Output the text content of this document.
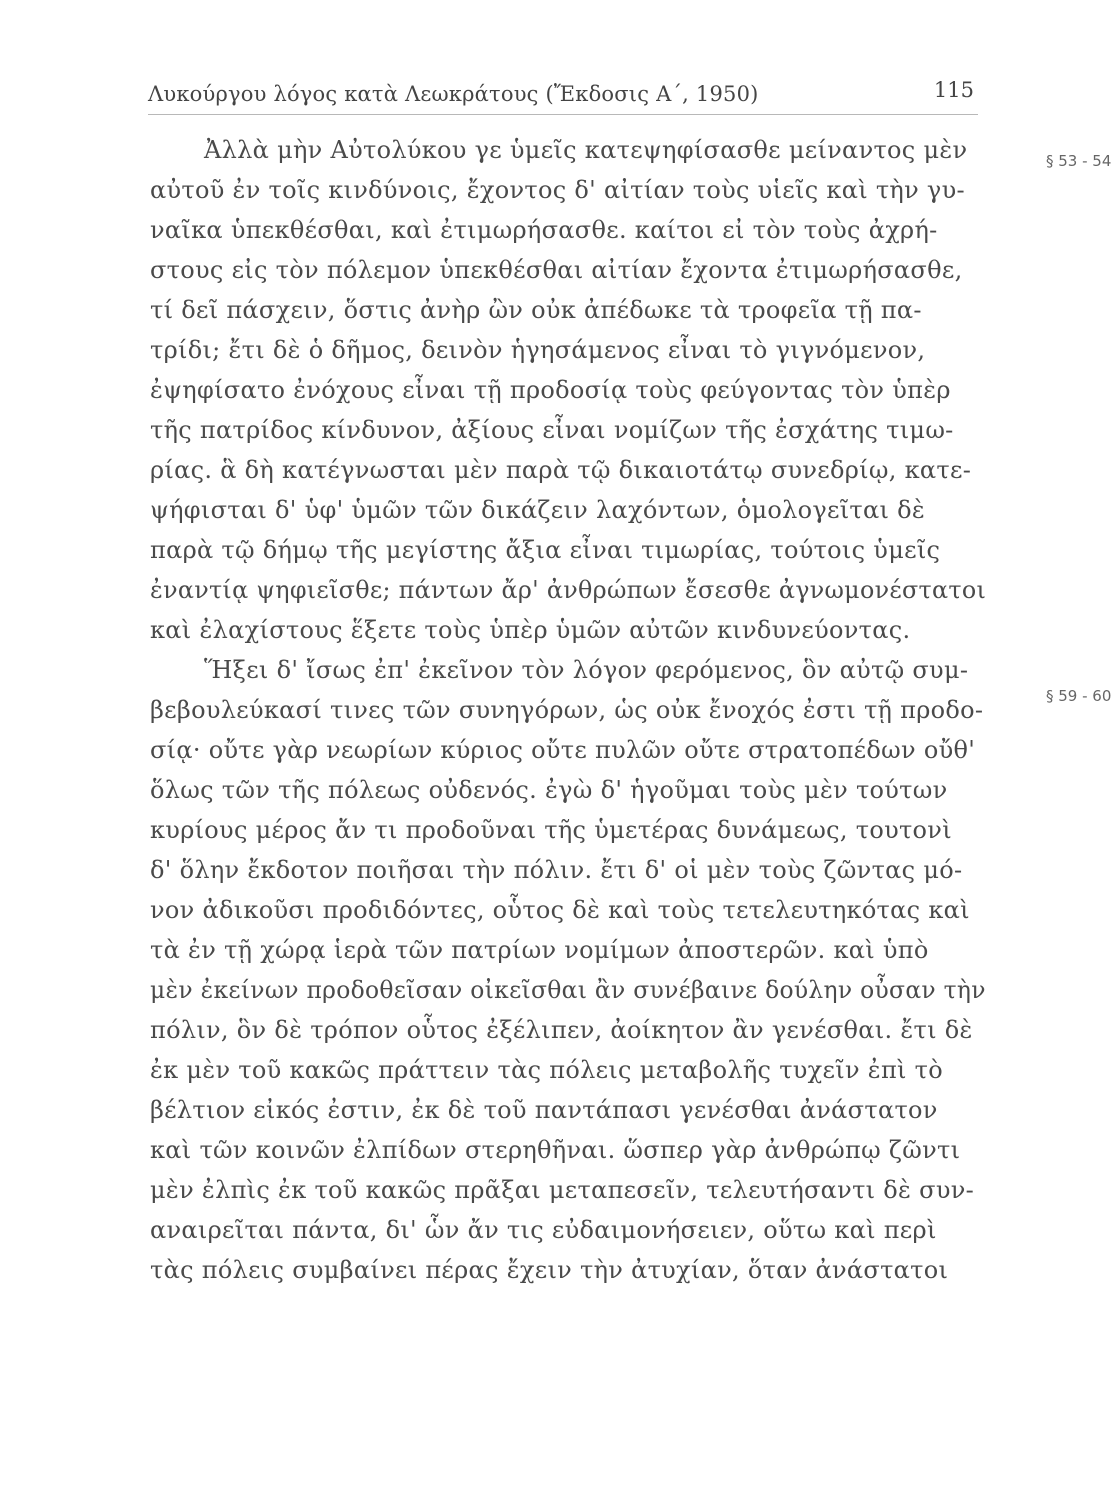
Λυκούργου λόγος κατὰ Λεωκράτους (Ἔκδοσις Α΄, 1950)	115
§ 53 - 54
§ 59 - 60
Ἀλλὰ μὴν Αὐτολύκου γε ὑμεῖς κατεψηφίσασθε μείναντος μὲν
αὐτοῦ ἐν τοῖς κινδύνοις, ἔχοντος δ' αἰτίαν τοὺς υἱεῖς καὶ τὴν γυ-
ναῖκα ὑπεκθέσθαι, καὶ ἐτιμωρήσασθε. καίτοι εἰ τὸν τοὺς ἀχρή-
στους εἰς τὸν πόλεμον ὑπεκθέσθαι αἰτίαν ἔχοντα ἐτιμωρήσασθε,
τί δεῖ πάσχειν, ὅστις ἀνὴρ ὢν οὐκ ἀπέδωκε τὰ τροφεῖα τῇ πα-
τρίδι; ἔτι δὲ ὁ δῆμος, δεινὸν ἡγησάμενος εἶναι τὸ γιγνόμενον,
ἐψηφίσατο ἐνόχους εἶναι τῇ προδοσίᾳ τοὺς φεύγοντας τὸν ὑπὲρ
τῆς πατρίδος κίνδυνον, ἀξίους εἶναι νομίζων τῆς ἐσχάτης τιμω-
ρίας. ἃ δὴ κατέγνωσται μὲν παρὰ τῷ δικαιοτάτῳ συνεδρίῳ, κατε-
ψήφισται δ' ὑφ' ὑμῶν τῶν δικάζειν λαχόντων, ὁμολογεῖται δὲ
παρὰ τῷ δήμῳ τῆς μεγίστης ἄξια εἶναι τιμωρίας, τούτοις ὑμεῖς
ἐναντίᾳ ψηφιεῖσθε; πάντων ἄρ' ἀνθρώπων ἔσεσθε ἀγνωμονέστατοι
καὶ ἐλαχίστους ἕξετε τοὺς ὑπὲρ ὑμῶν αὐτῶν κινδυνεύοντας.
Ἥξει δ' ἴσως ἐπ' ἐκεῖνον τὸν λόγον φερόμενος, ὃν αὐτῷ συμ-
βεβουλεύκασί τινες τῶν συνηγόρων, ὡς οὐκ ἔνοχός ἐστι τῇ προδο-
σίᾳ· οὔτε γὰρ νεωρίων κύριος οὔτε πυλῶν οὔτε στρατοπέδων οὔθ'
ὅλως τῶν τῆς πόλεως οὐδενός. ἐγὼ δ' ἡγοῦμαι τοὺς μὲν τούτων
κυρίους μέρος ἄν τι προδοῦναι τῆς ὑμετέρας δυνάμεως, τουτονὶ
δ' ὅλην ἔκδοτον ποιῆσαι τὴν πόλιν. ἔτι δ' οἱ μὲν τοὺς ζῶντας μό-
νον ἀδικοῦσι προδιδόντες, οὗτος δὲ καὶ τοὺς τετελευτηκότας καὶ
τὰ ἐν τῇ χώρᾳ ἱερὰ τῶν πατρίων νομίμων ἀποστερῶν. καὶ ὑπὸ
μὲν ἐκείνων προδοθεῖσαν οἰκεῖσθαι ἂν συνέβαινε δούλην οὖσαν τὴν
πόλιν, ὃν δὲ τρόπον οὗτος ἐξέλιπεν, ἀοίκητον ἂν γενέσθαι. ἔτι δὲ
ἐκ μὲν τοῦ κακῶς πράττειν τὰς πόλεις μεταβολῆς τυχεῖν ἐπὶ τὸ
βέλτιον εἰκός ἐστιν, ἐκ δὲ τοῦ παντάπασι γενέσθαι ἀνάστατον
καὶ τῶν κοινῶν ἐλπίδων στερηθῆναι. ὥσπερ γὰρ ἀνθρώπῳ ζῶντι
μὲν ἐλπὶς ἐκ τοῦ κακῶς πρᾶξαι μεταπεσεῖν, τελευτήσαντι δὲ συν-
αναιρεῖται πάντα, δι' ὧν ἄν τις εὐδαιμονήσειεν, οὕτω καὶ περὶ
τὰς πόλεις συμβαίνει πέρας ἔχειν τὴν ἀτυχίαν, ὅταν ἀνάστατοι
